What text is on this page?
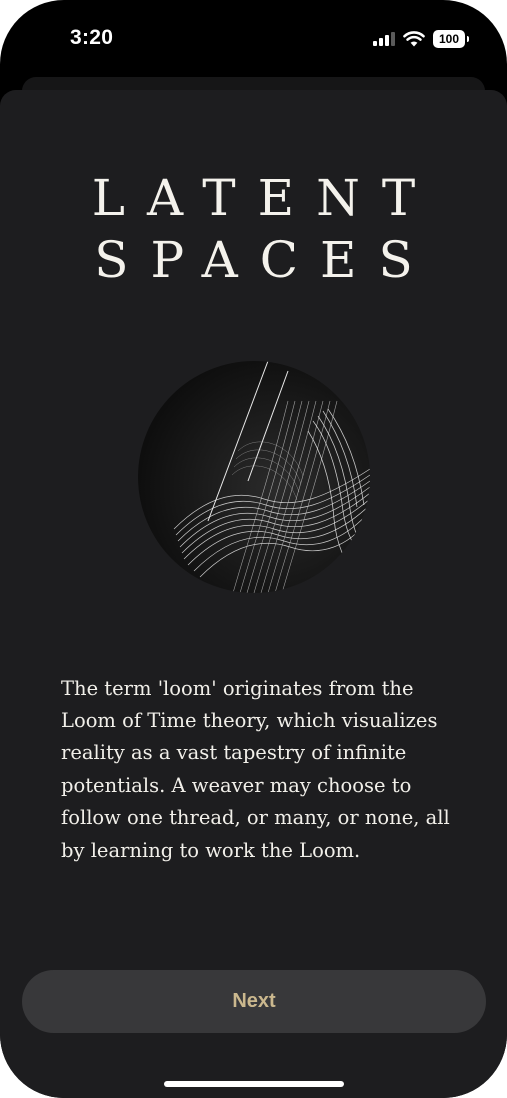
3:20	100
LATENT
SPACES

The term 'loom' originates from the Loom of Time theory, which visualizes reality as a vast tapestry of infinite potentials. A weaver may choose to follow one thread, or many, or none, all by learning to work the Loom.

Next
